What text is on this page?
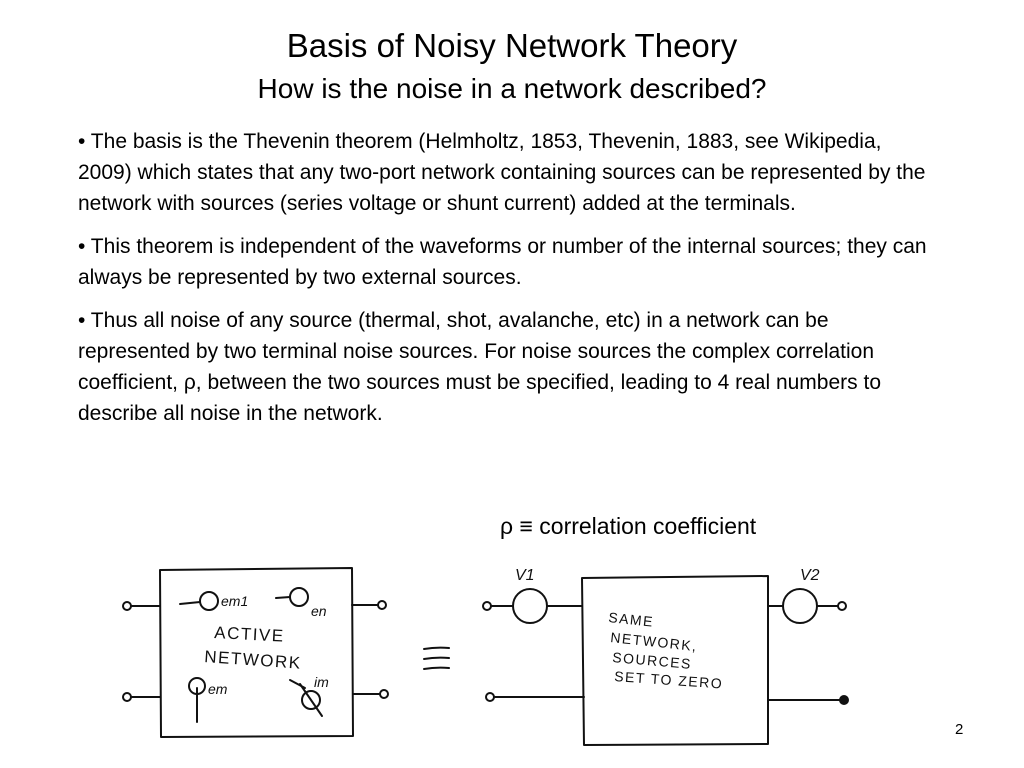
Basis of Noisy Network Theory
How is the noise in a network described?
• The basis is the Thevenin theorem (Helmholtz, 1853, Thevenin, 1883, see Wikipedia, 2009) which states that any two-port network containing sources can be represented by the network with sources (series voltage or shunt current) added at the terminals.
• This theorem is independent of the waveforms or number of the internal sources; they can always be represented by two external sources.
• Thus all noise of any source (thermal, shot, avalanche, etc) in a network can be represented by two terminal noise sources. For noise sources the complex correlation coefficient, ρ, between the two sources must be specified, leading to 4 real numbers to describe all noise in the network.
ρ ≡ correlation coefficient
em1
en
em	im
ACTIVE
NETWORK
V1	V2
SAME
NETWORK,
SOURCES
SET TO ZERO
2
